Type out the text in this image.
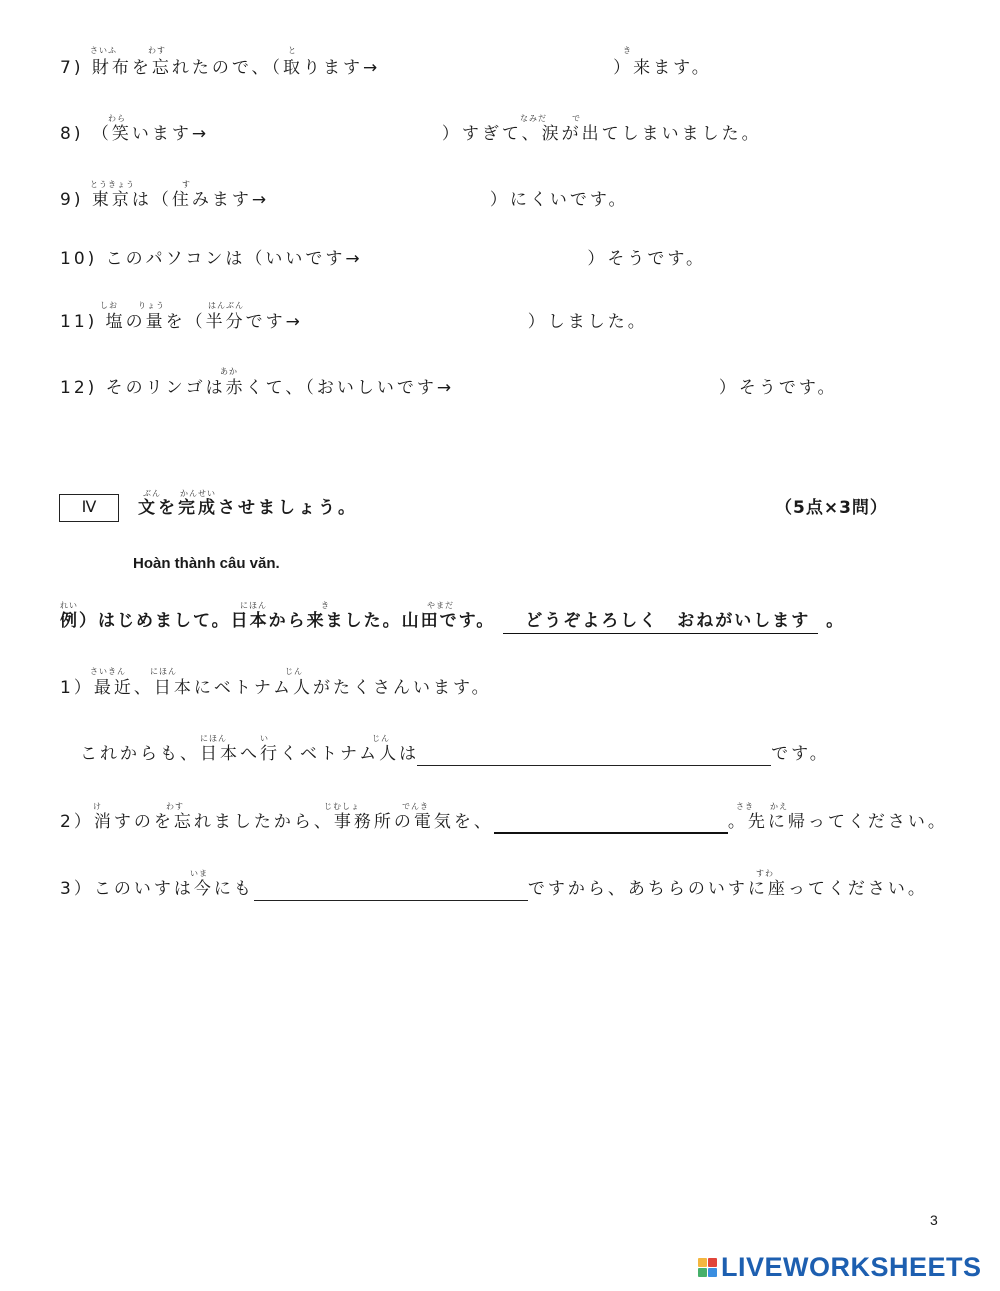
さいふ	わす	と	き
7) 財布を忘れたので、（取ります→	）来ます。
わら	なみだ	で
8) （笑います→	）すぎて、涙が出てしまいました。
とうきょう	す
9) 東京は（住みます→	）にくいです。
10) このパソコンは（いいです→	）そうです。
しお	りょう	はんぶん
11) 塩の量を（半分です→	）しました。
あか
12) そのリンゴは赤くて、（おいしいです→	）そうです。
Ⅳ
ぶん かんせい
文を完成させましょう。	（5点×3問）
Hoàn thành câu văn.
れい	にほん	き	やまだ
例）はじめまして。日本から来ました。山田です。 どうぞよろしく　おねがいします 。
さいきん	にほん	じん
1）最近、日本にベトナム人がたくさんいます。
にほん	い	じん
これからも、日本へ行くベトナム人は	です。
け	わす	じむしょ	でんき	さき かえ
2）消すのを忘れましたから、事務所の電気を、	。先に帰ってください。
いま	すわ
3）このいすは今にも	ですから、あちらのいすに座ってください。
3
LIVEWORKSHEETS
